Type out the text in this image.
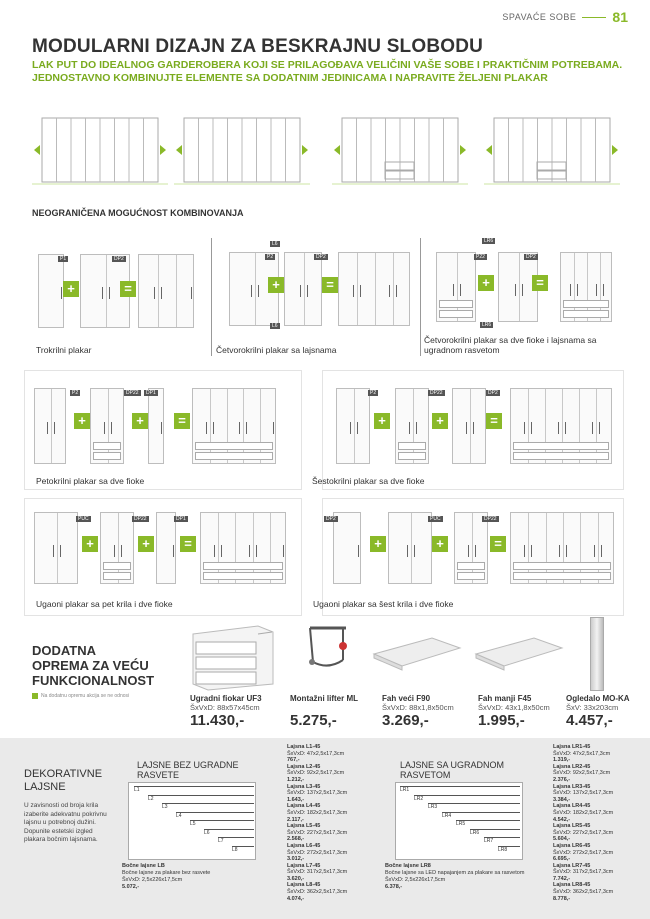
SPAVAĆE SOBE	81
MODULARNI DIZAJN ZA BESKRAJNU SLOBODU
LAK PUT DO IDEALNOG GARDEROBERA KOJI SE PRILAGOĐAVA VELIČINI VAŠE SOBE I PRAKTIČNIM POTREBAMA.
JEDNOSTAVNO KOMBINUJTE ELEMENTE SA DODATNIM JEDINICAMA I NAPRAVITE ŽELJENI PLAKAR
NEOGRANIČENA MOGUĆNOST KOMBINOVANJA
+	=
P1	DP2
+	=
P2	DP2
L6
L6
+	=
P22	DP2
LR6
LR6
+	+	=
P2	DP22	DP1
+	+	=
P2	DP22	DP2
+	+	=
PUC	DP22	DP1
+	+	=
DP2	PUC	DP22
Trokrilni plakar	Četvorokrilni plakar sa lajsnama
Četvorokrilni plakar sa dve fioke i lajsnama sa ugradnom rasvetom
Petokrilni plakar sa dve fioke	Šestokrilni plakar sa dve fioke
Ugaoni plakar sa pet krila i dve fioke	Ugaoni plakar sa šest krila i dve fioke
DODATNA
OPREMA ZA VEĆU
FUNKCIONALNOST
Na dodatnu opremu akcija se ne odnosi	Ugradni fiokar UF3
ŠxVxD: 88x57x45cm
11.430,-
Montažni lifter ML
5.275,-
Fah veći F90
ŠxVxD: 88x1,8x50cm
3.269,-
Fah manji F45
ŠxVxD: 43x1,8x50cm
1.995,-
Ogledalo MO-KA
ŠxV: 33x203cm
4.457,-
DEKORATIVNE
LAJSNE
U zavisnosti od broja krila izaberite adekvatnu pokrivnu lajsnu u potrebnoj dužini. Dopunite estetski izgled plakara bočnim lajsnama.
LAJSNE BEZ UGRADNE RASVETE
L1
L2
L3
L4
L5
L6
L7
L8
Bočne lajsne LB
Bočne lajsne za plakare bez rasvete
ŠxVxD: 2,5x226x17,5cm
5.072,-
Lajsna L1-45
ŠxVxD: 47x2,5x17,3cm
767,-
Lajsna L2-45
ŠxVxD: 92x2,5x17,3cm
1.212,-
Lajsna L3-45
ŠxVxD: 137x2,5x17,3cm
1.643,-
Lajsna L4-45
ŠxVxD: 182x2,5x17,3cm
2.117,-
Lajsna L5-45
ŠxVxD: 227x2,5x17,3cm
2.568,-
Lajsna L6-45
ŠxVxD: 272x2,5x17,3cm
3.012,-
Lajsna L7-45
ŠxVxD: 317x2,5x17,3cm
3.620,-
Lajsna L8-45
ŠxVxD: 362x2,5x17,3cm
4.074,-
LAJSNE SA UGRADNOM RASVETOM
LR1
LR2
LR3
LR4
LR5
LR6
LR7
LR8
Bočne lajsne LR8
Bočne lajsne sa LED napajanjem za plakare sa rasvetom
ŠxVxD: 2,5x226x17,5cm
6.378,-
Lajsna LR1-45
ŠxVxD: 47x2,5x17,3cm
1.319,-
Lajsna LR2-45
ŠxVxD: 92x2,5x17,3cm
2.376,-
Lajsna LR3-45
ŠxVxD: 137x2,5x17,3cm
3.384,-
Lajsna LR4-45
ŠxVxD: 182x2,5x17,3cm
4.542,-
Lajsna LR5-45
ŠxVxD: 227x2,5x17,3cm
5.604,-
Lajsna LR6-45
ŠxVxD: 272x2,5x17,3cm
6.695,-
Lajsna LR7-45
ŠxVxD: 317x2,5x17,3cm
7.742,-
Lajsna LR8-45
ŠxVxD: 362x2,5x17,3cm
8.778,-
